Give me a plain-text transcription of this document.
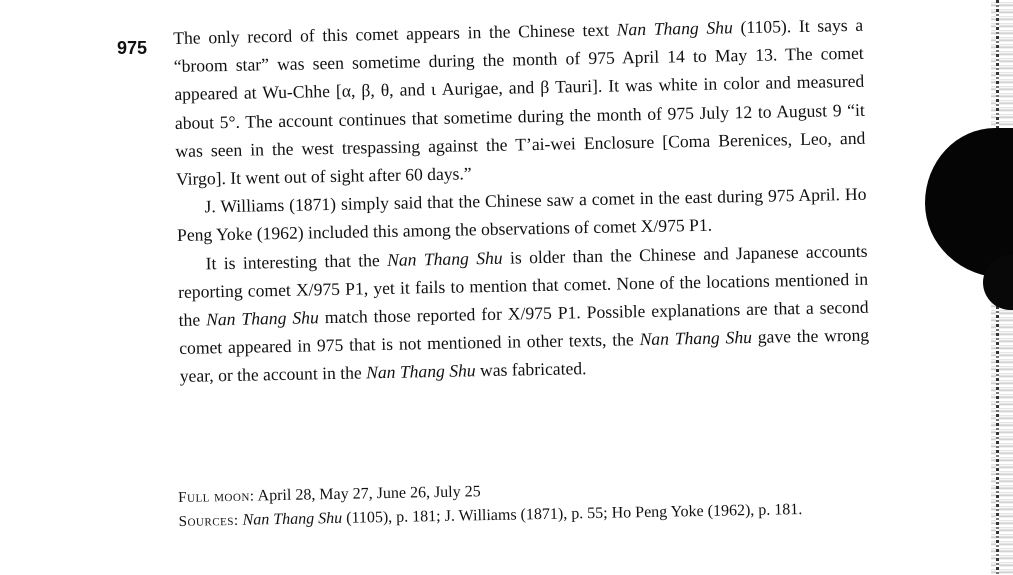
975

The only record of this comet appears in the Chinese text Nan Thang Shu (1105). It says a “broom star” was seen sometime during the month of 975 April 14 to May 13. The comet appeared at Wu-Chhe [α, β, θ, and ι Aurigae, and β Tauri]. It was white in color and measured about 5°. The account continues that sometime during the month of 975 July 12 to August 9 “it was seen in the west trespassing against the T’ai-wei Enclosure [Coma Berenices, Leo, and Virgo]. It went out of sight after 60 days.”

J. Williams (1871) simply said that the Chinese saw a comet in the east during 975 April. Ho Peng Yoke (1962) included this among the observations of comet X/975 P1.

It is interesting that the Nan Thang Shu is older than the Chinese and Japanese accounts reporting comet X/975 P1, yet it fails to mention that comet. None of the locations mentioned in the Nan Thang Shu match those reported for X/975 P1. Possible explanations are that a second comet appeared in 975 that is not mentioned in other texts, the Nan Thang Shu gave the wrong year, or the account in the Nan Thang Shu was fabricated.

Full moon: April 28, May 27, June 26, July 25
Sources: Nan Thang Shu (1105), p. 181; J. Williams (1871), p. 55; Ho Peng Yoke (1962), p. 181.
